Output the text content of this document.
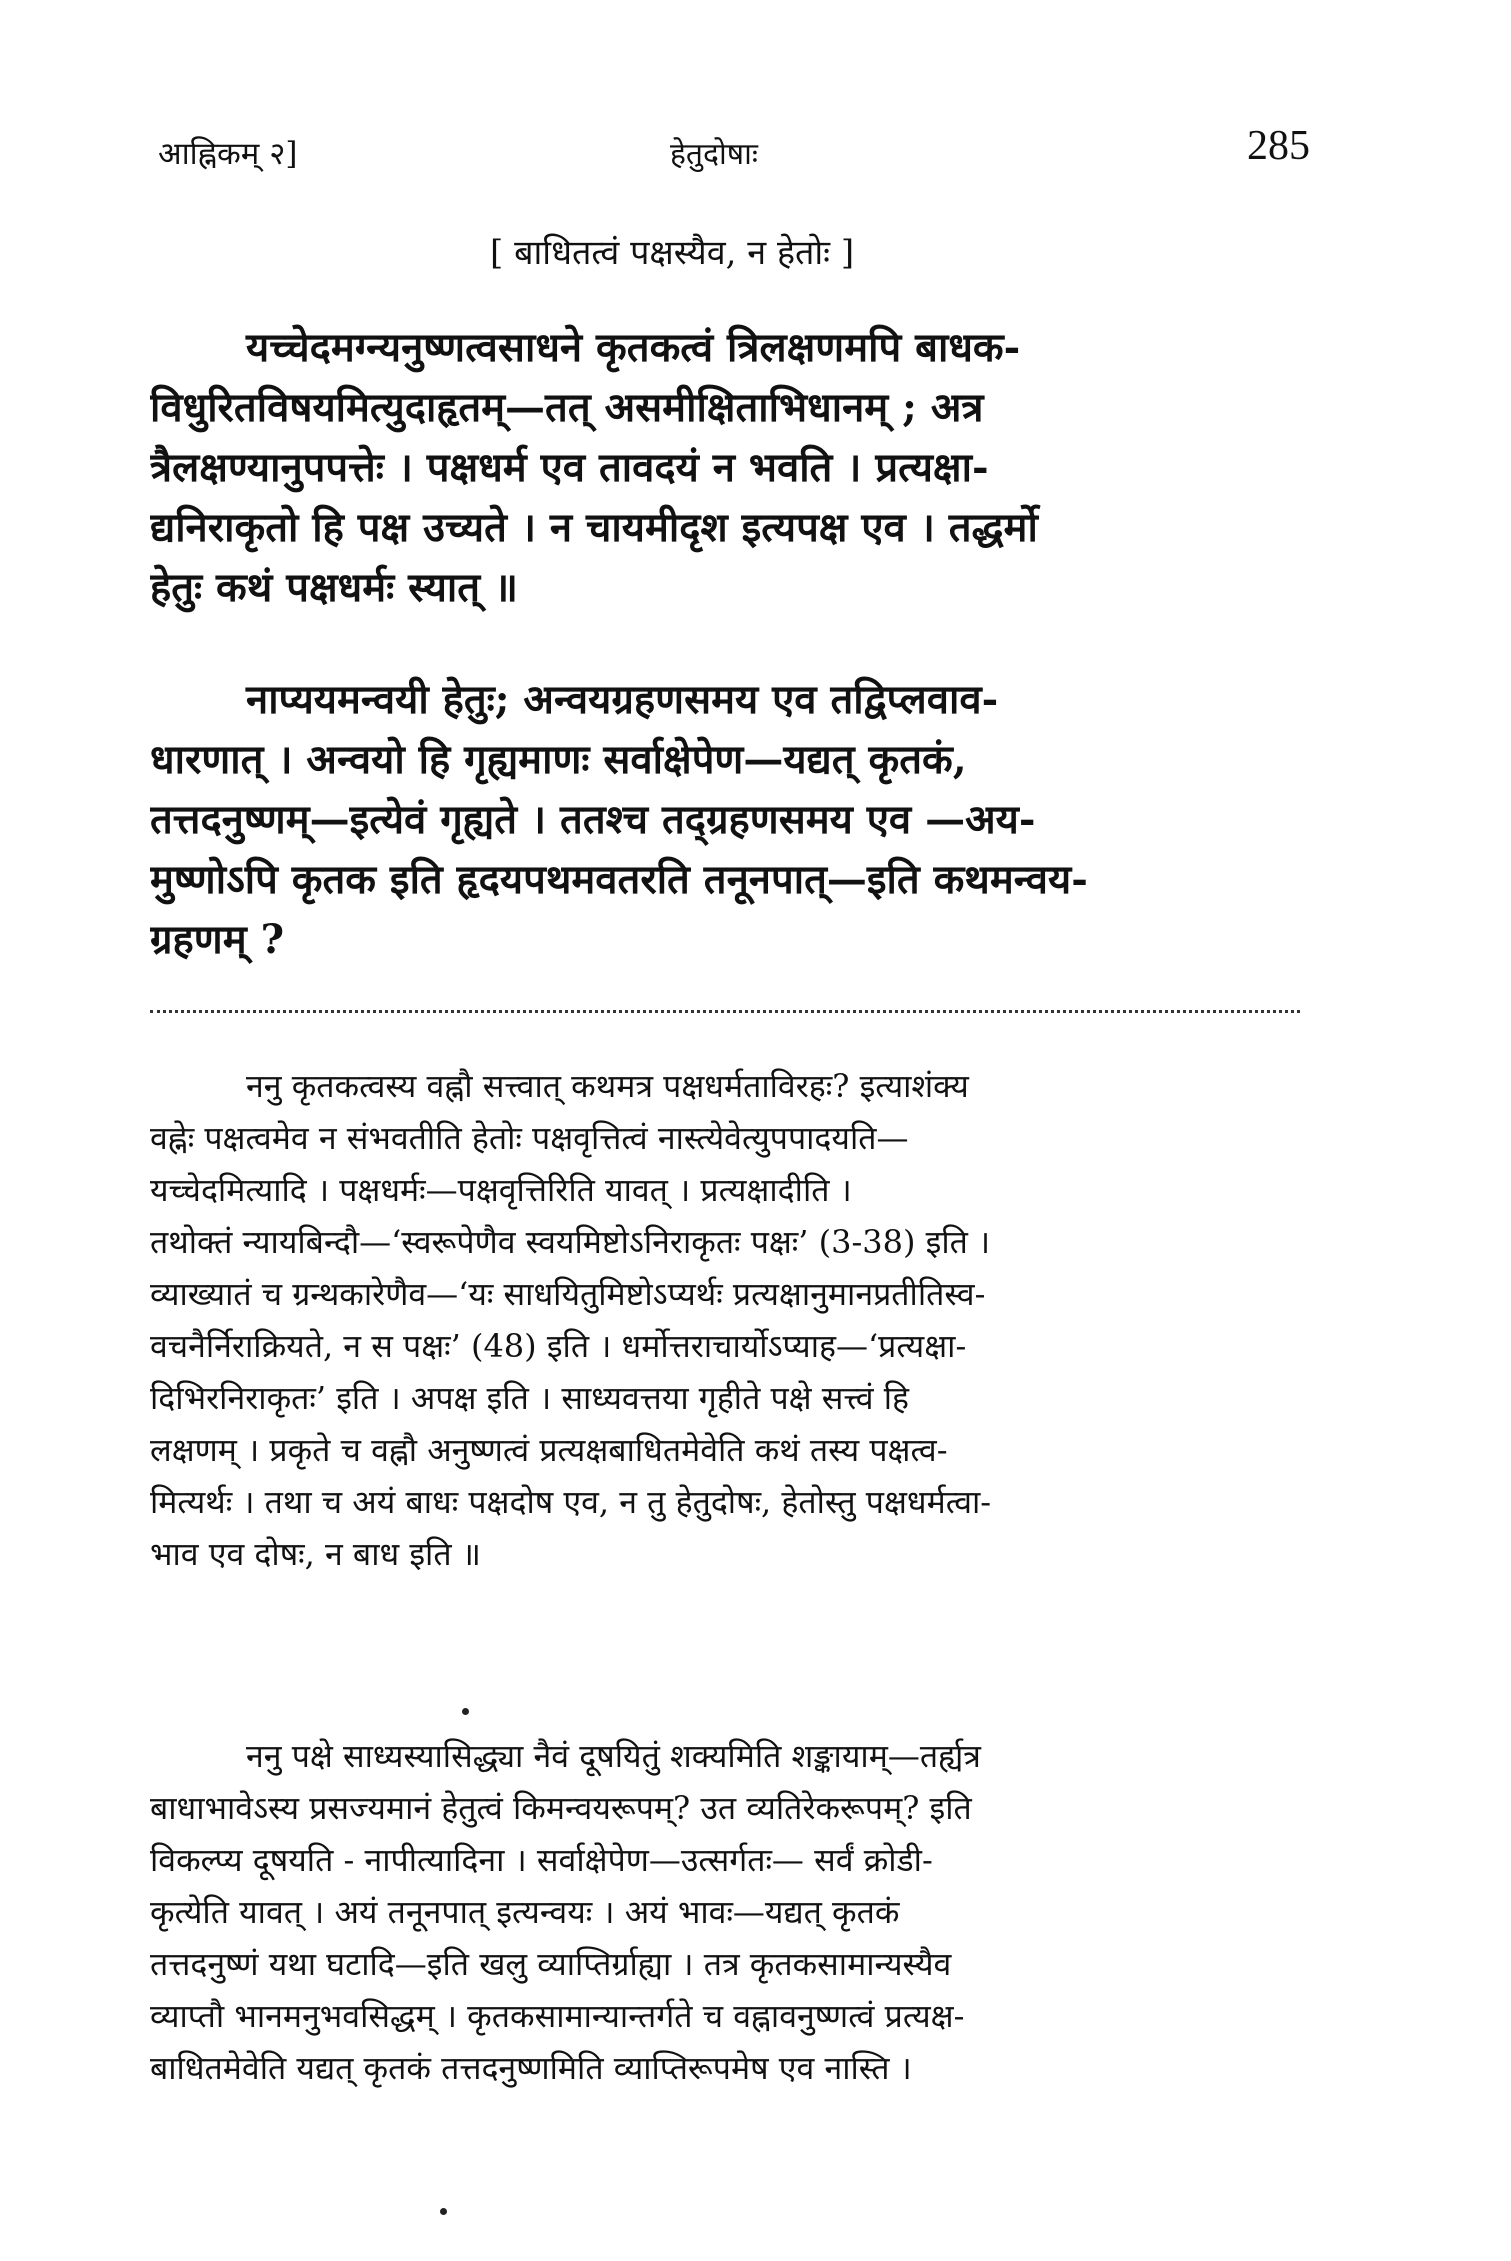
आह्निकम् २]	हेतुदोषाः	285
[ बाधितत्वं पक्षस्यैव, न हेतोः ]
यच्चेदमग्न्यनुष्णत्वसाधने कृतकत्वं त्रिलक्षणमपि बाधक-
विधुरितविषयमित्युदाहृतम्—तत् असमीक्षिताभिधानम् ; अत्र
त्रैलक्षण्यानुपपत्तेः । पक्षधर्म एव तावदयं न भवति । प्रत्यक्षा-
द्यनिराकृतो हि पक्ष उच्यते । न चायमीदृश इत्यपक्ष एव । तद्धर्मो
हेतुः कथं पक्षधर्मः स्यात् ॥
नाप्ययमन्वयी हेतुः; अन्वयग्रहणसमय एव तद्विप्लवाव-
धारणात् । अन्वयो हि गृह्यमाणः सर्वाक्षेपेण—यद्यत् कृतकं,
तत्तदनुष्णम्—इत्येवं गृह्यते । ततश्च तद्ग्रहणसमय एव —अय-
मुष्णोऽपि कृतक इति हृदयपथमवतरति तनूनपात्—इति कथमन्वय-
ग्रहणम् ?
ननु कृतकत्वस्य वह्नौ सत्त्वात् कथमत्र पक्षधर्मताविरहः? इत्याशंक्य
वह्नेः पक्षत्वमेव न संभवतीति हेतोः पक्षवृत्तित्वं नास्त्येवेत्युपपादयति—
यच्चेदमित्यादि । पक्षधर्मः—पक्षवृत्तिरिति यावत् । प्रत्यक्षादीति ।
तथोक्तं न्यायबिन्दौ—‘स्वरूपेणैव स्वयमिष्टोऽनिराकृतः पक्षः’ (3-38) इति ।
व्याख्यातं च ग्रन्थकारेणैव—‘यः साधयितुमिष्टोऽप्यर्थः प्रत्यक्षानुमानप्रतीतिस्व-
वचनैर्निराक्रियते, न स पक्षः’ (48) इति । धर्मोत्तराचार्योऽप्याह—‘प्रत्यक्षा-
दिभिरनिराकृतः’ इति । अपक्ष इति । साध्यवत्तया गृहीते पक्षे सत्त्वं हि
लक्षणम् । प्रकृते च वह्नौ अनुष्णत्वं प्रत्यक्षबाधितमेवेति कथं तस्य पक्षत्व-
मित्यर्थः । तथा च अयं बाधः पक्षदोष एव, न तु हेतुदोषः, हेतोस्तु पक्षधर्मत्वा-
भाव एव दोषः, न बाध इति ॥
ननु पक्षे साध्यस्यासिद्ध्या नैवं दूषयितुं शक्यमिति शङ्कायाम्—तर्ह्यत्र
बाधाभावेऽस्य प्रसज्यमानं हेतुत्वं किमन्वयरूपम्? उत व्यतिरेकरूपम्? इति
विकल्प्य दूषयति - नापीत्यादिना । सर्वाक्षेपेण—उत्सर्गतः— सर्वं क्रोडी-
कृत्येति यावत् । अयं तनूनपात् इत्यन्वयः । अयं भावः—यद्यत् कृतकं
तत्तदनुष्णं यथा घटादि—इति खलु व्याप्तिर्ग्राह्या । तत्र कृतकसामान्यस्यैव
व्याप्तौ भानमनुभवसिद्धम् । कृतकसामान्यान्तर्गते च वह्नावनुष्णत्वं प्रत्यक्ष-
बाधितमेवेति यद्यत् कृतकं तत्तदनुष्णमिति व्याप्तिरूपमेष एव नास्ति ।
